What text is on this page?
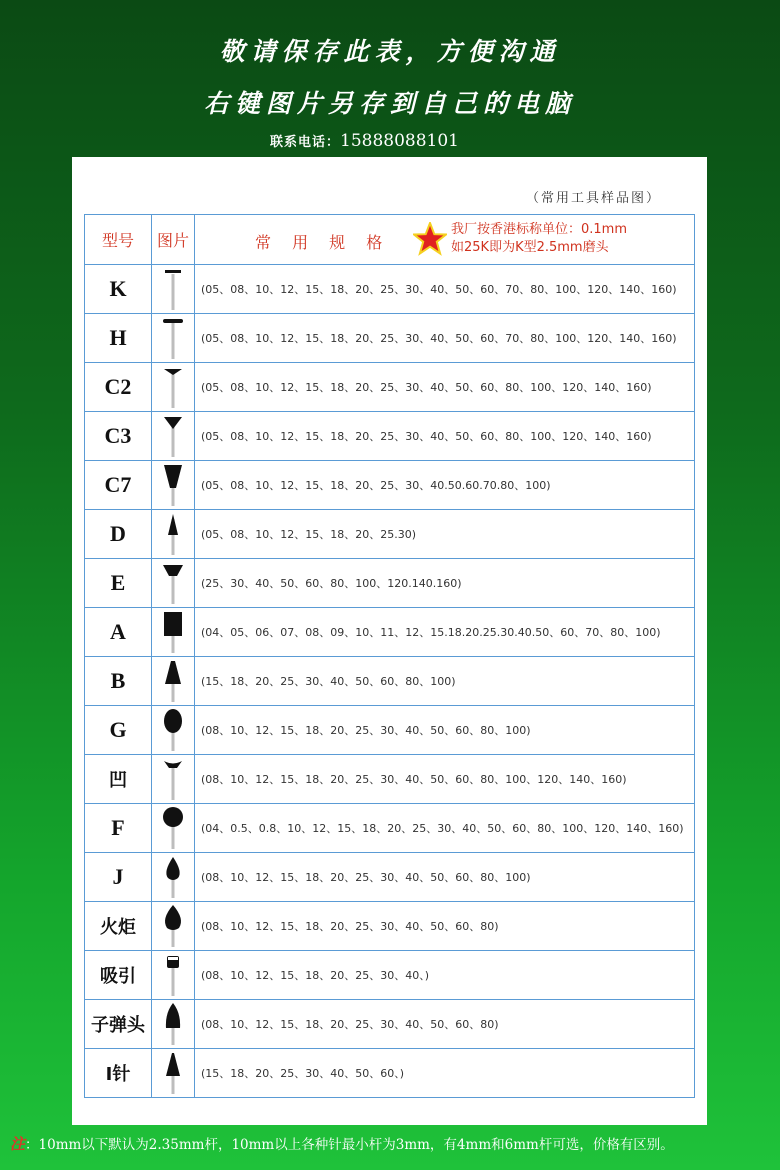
敬请保存此表，方便沟通
右键图片另存到自己的电脑
联系电话：15888088101
（常用工具样品图）
型号	图片	常 用 规 格
我厂按香港标称单位：0.1mm
如25K即为K型2.5mm磨头

K		(05、08、10、12、15、18、20、25、30、40、50、60、70、80、100、120、140、160)
H		(05、08、10、12、15、18、20、25、30、40、50、60、70、80、100、120、140、160)
C2		(05、08、10、12、15、18、20、25、30、40、50、60、80、100、120、140、160)
C3		(05、08、10、12、15、18、20、25、30、40、50、60、80、100、120、140、160)
C7		(05、08、10、12、15、18、20、25、30、40.50.60.70.80、100)
D		(05、08、10、12、15、18、20、25.30)
E		(25、30、40、50、60、80、100、120.140.160)
A		(04、05、06、07、08、09、10、11、12、15.18.20.25.30.40.50、60、70、80、100)
B		(15、18、20、25、30、40、50、60、80、100)
G		(08、10、12、15、18、20、25、30、40、50、60、80、100)
凹		(08、10、12、15、18、20、25、30、40、50、60、80、100、120、140、160)
F		(04、0.5、0.8、10、12、15、18、20、25、30、40、50、60、80、100、120、140、160)
J		(08、10、12、15、18、20、25、30、40、50、60、80、100)
火炬		(08、10、12、15、18、20、25、30、40、50、60、80)
吸引		(08、10、12、15、18、20、25、30、40、)
子弹头		(08、10、12、15、18、20、25、30、40、50、60、80)
I针		(15、18、20、25、30、40、50、60、)
注：10mm以下默认为2.35mm杆，10mm以上各种针最小杆为3mm，有4mm和6mm杆可选，价格有区别。
